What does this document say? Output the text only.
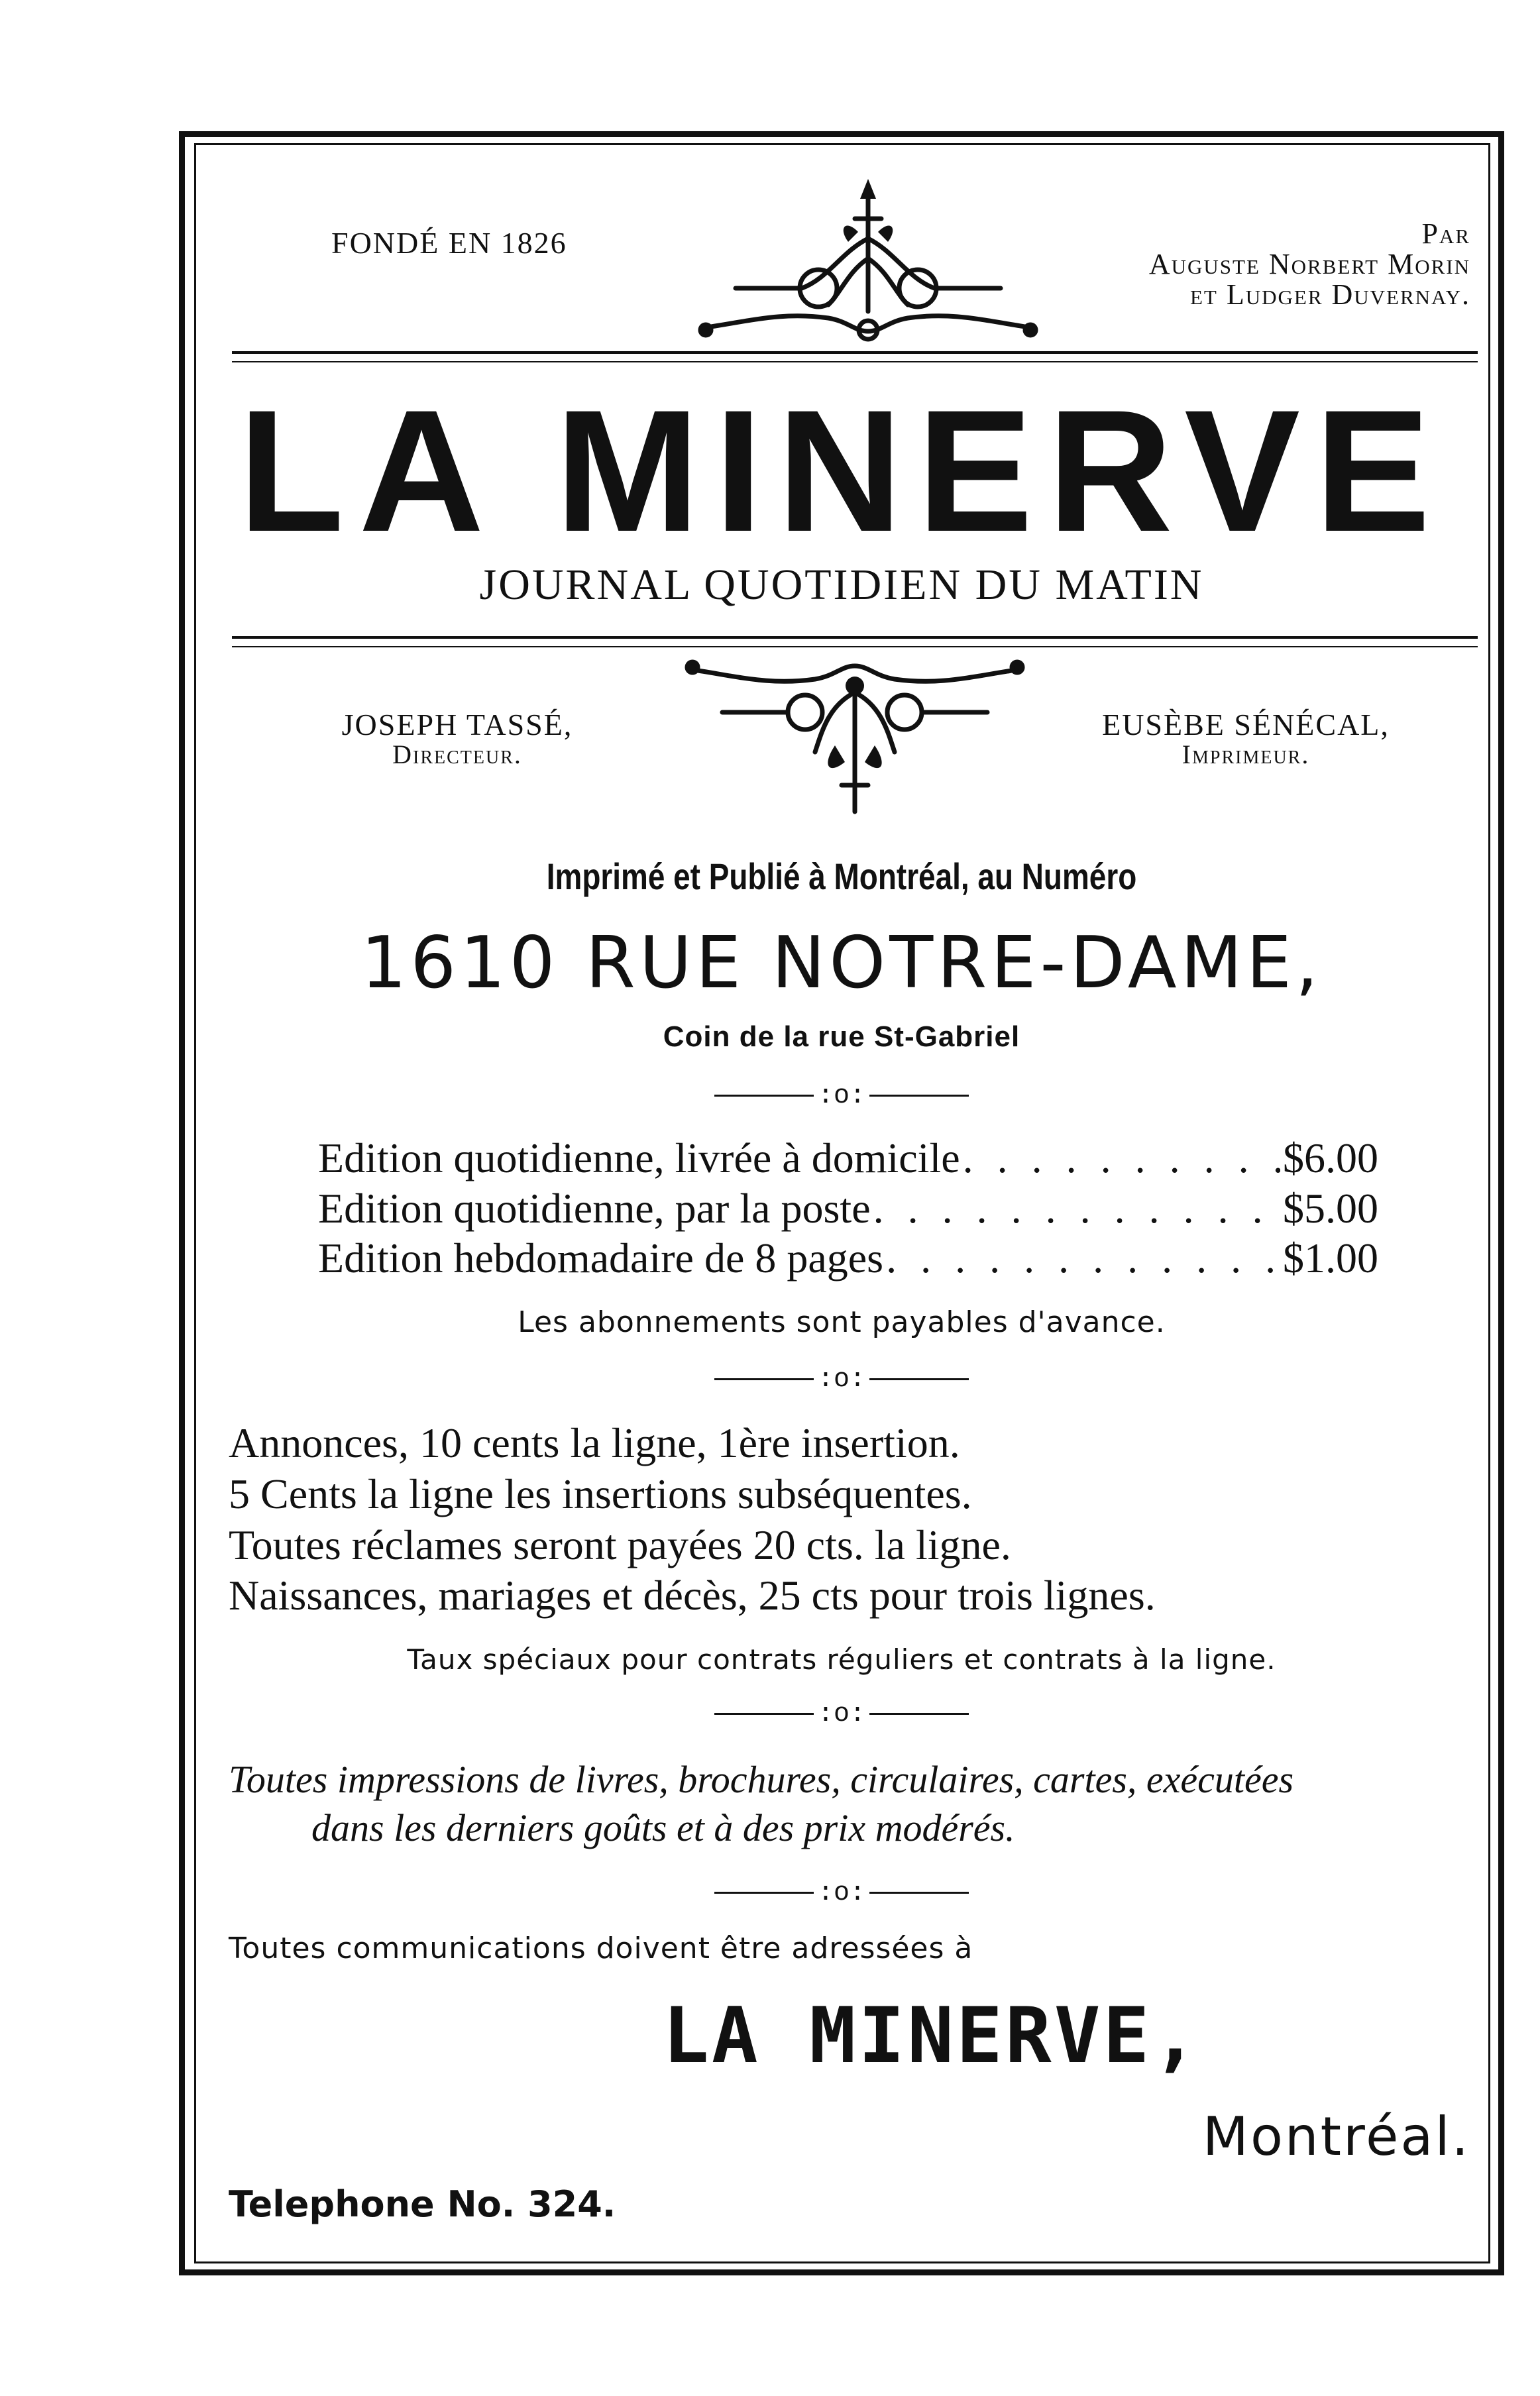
FONDÉ EN 1826	Par
Auguste Norbert Morin
et Ludger Duvernay.
LA MINERVE
JOURNAL QUOTIDIEN DU MATIN
JOSEPH TASSÉ,
Directeur.
EUSÈBE SÉNÉCAL,
Imprimeur.
Imprimé et Publié à Montréal, au Numéro
1610 RUE NOTRE-DAME,
Coin de la rue St-Gabriel
:o:
Edition quotidienne, livrée à domicile . . .	$6.00
Edition quotidienne, par la poste . . .	$5.00
Edition hebdomadaire de 8 pages . . .	$1.00
Les abonnements sont payables d'avance.
:o:
Annonces, 10 cents la ligne, 1ère insertion.
5 Cents la ligne les insertions subséquentes.
Toutes réclames seront payées 20 cts. la ligne.
Naissances, mariages et décès, 25 cts pour trois lignes.
Taux spéciaux pour contrats réguliers et contrats à la ligne.
:o:
Toutes impressions de livres, brochures, circulaires, cartes, exécutées
dans les derniers goûts et à des prix modérés.
:o:
Toutes communications doivent être adressées à
LA MINERVE,
Montréal.
Telephone No. 324.
